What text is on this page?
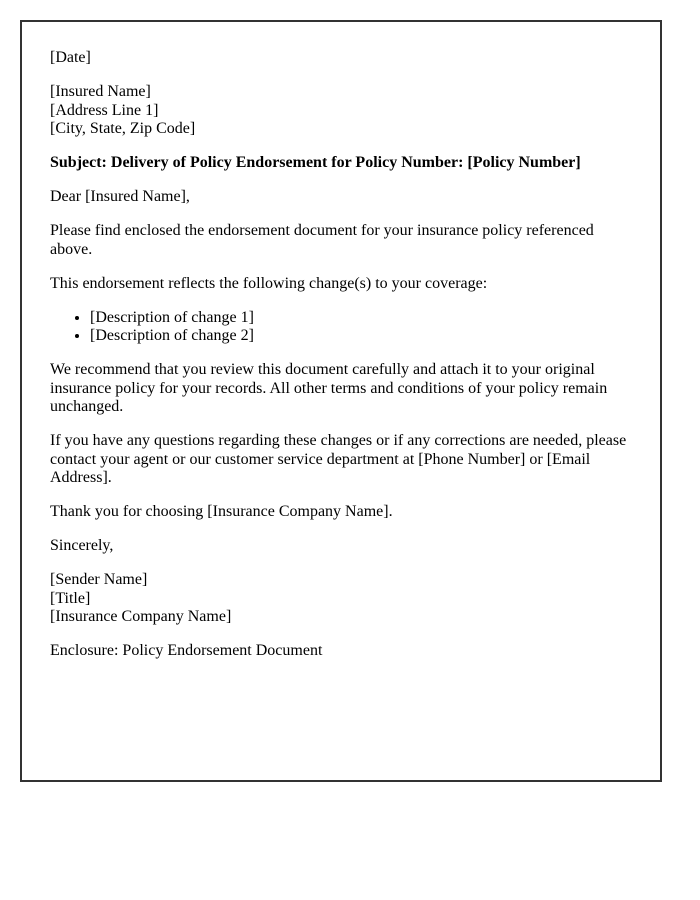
[Date]

[Insured Name]
[Address Line 1]
[City, State, Zip Code]

Subject: Delivery of Policy Endorsement for Policy Number: [Policy Number]

Dear [Insured Name],

Please find enclosed the endorsement document for your insurance policy referenced above.

This endorsement reflects the following change(s) to your coverage:

• [Description of change 1]
• [Description of change 2]

We recommend that you review this document carefully and attach it to your original insurance policy for your records. All other terms and conditions of your policy remain unchanged.

If you have any questions regarding these changes or if any corrections are needed, please contact your agent or our customer service department at [Phone Number] or [Email Address].

Thank you for choosing [Insurance Company Name].

Sincerely,

[Sender Name]
[Title]
[Insurance Company Name]

Enclosure: Policy Endorsement Document
